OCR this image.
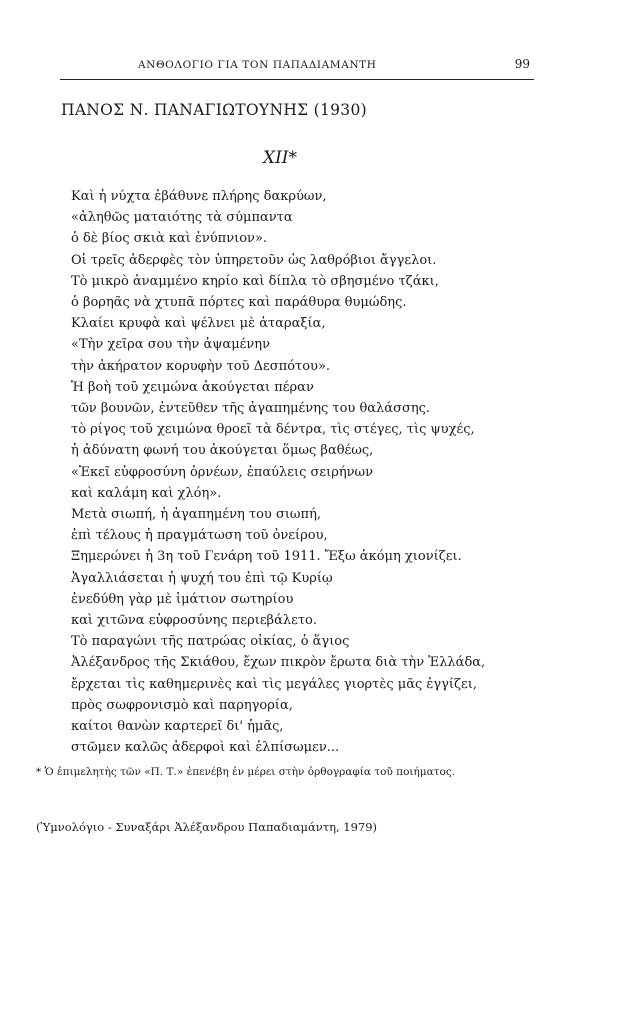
ΑΝΘΟΛΟΓΙΟ ΓΙΑ ΤΟΝ ΠΑΠΑΔΙΑΜΑΝΤΗ	99
ΠΑΝΟΣ Ν. ΠΑΝΑΓΙΩΤΟΥΝΗΣ (1930)
XII*
Καὶ ἡ νύχτα ἐβάθυνε πλήρης δακρύων,
«ἀληθῶς ματαιότης τὰ σύμπαντα
ὁ δὲ βίος σκιὰ καὶ ἐνύπνιον».
Οἱ τρεῖς ἀδερφὲς τὸν ὑπηρετοῦν ὡς λαθρόβιοι ἄγγελοι.
Τὸ μικρὸ ἀναμμένο κηρίο καὶ δίπλα τὸ σβησμένο τζάκι,
ὁ βορηᾶς νὰ χτυπᾶ πόρτες καὶ παράθυρα θυμώδης.
Κλαίει κρυφὰ καὶ ψέλνει μὲ ἀταραξία,
«Τὴν χεῖρα σου τὴν ἀψαμένην
τὴν ἀκήρατον κορυφὴν τοῦ Δεσπότου».
Ἡ βοὴ τοῦ χειμώνα ἀκούγεται πέραν
τῶν βουνῶν, ἐντεῦθεν τῆς ἀγαπημένης του θαλάσσης.
τὸ ρίγος τοῦ χειμώνα θροεῖ τὰ δέντρα, τὶς στέγες, τὶς ψυχές,
ἡ ἀδύνατη φωνή του ἀκούγεται ὅμως βαθέως,
«Ἐκεῖ εὐφροσύνη ὀρνέων, ἐπαύλεις σειρήνων
καὶ καλάμη καὶ χλόη».
Μετὰ σιωπή, ἡ ἀγαπημένη του σιωπή,
ἐπὶ τέλους ἡ πραγμάτωση τοῦ ὀνείρου,
Ξημερώνει ἡ 3η τοῦ Γενάρη τοῦ 1911. Ἔξω ἀκόμη χιονίζει.
Ἀγαλλιάσεται ἡ ψυχή του ἐπὶ τῷ Κυρίῳ
ἐνεδύθη γὰρ μὲ ἱμάτιον σωτηρίου
καὶ χιτῶνα εὐφροσύνης περιεβάλετο.
Τὸ παραγώνι τῆς πατρώας οἰκίας, ὁ ἅγιος
Ἀλέξανδρος τῆς Σκιάθου, ἔχων πικρὸν ἔρωτα διὰ τὴν Ἑλλάδα,
ἔρχεται τὶς καθημερινὲς καὶ τὶς μεγάλες γιορτὲς μᾶς ἐγγίζει,
πρὸς σωφρονισμὸ καὶ παρηγορία,
καίτοι θανὼν καρτερεῖ δι' ἡμᾶς,
στῶμεν καλῶς ἀδερφοὶ καὶ ἐλπίσωμεν...
* Ὁ ἐπιμελητὴς τῶν «Π. Τ.» ἐπενέβη ἐν μέρει στὴν ὀρθογραφία τοῦ ποιήματος.
(Ὑμνολόγιο - Συναξάρι Ἀλέξανδρου Παπαδιαμάντη, 1979)
